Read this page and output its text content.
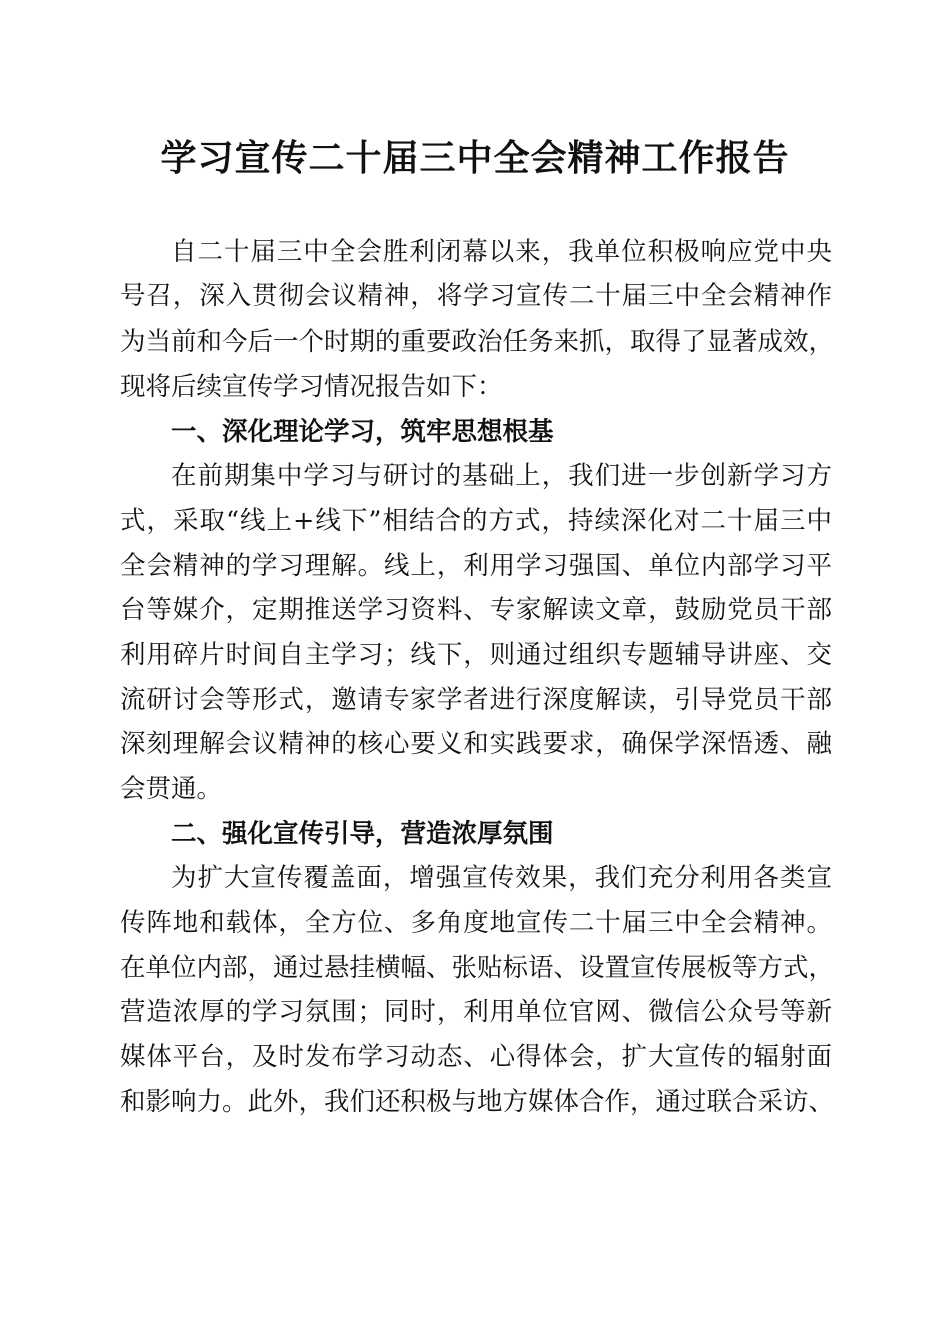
学习宣传二十届三中全会精神工作报告

自二十届三中全会胜利闭幕以来，我单位积极响应党中央

号召，深入贯彻会议精神，将学习宣传二十届三中全会精神作

为当前和今后一个时期的重要政治任务来抓，取得了显著成效，

现将后续宣传学习情况报告如下：

一、深化理论学习，筑牢思想根基

在前期集中学习与研讨的基础上，我们进一步创新学习方

式，采取“线上+线下”相结合的方式，持续深化对二十届三中

全会精神的学习理解。线上，利用学习强国、单位内部学习平

台等媒介，定期推送学习资料、专家解读文章，鼓励党员干部

利用碎片时间自主学习；线下，则通过组织专题辅导讲座、交

流研讨会等形式，邀请专家学者进行深度解读，引导党员干部

深刻理解会议精神的核心要义和实践要求，确保学深悟透、融

会贯通。

二、强化宣传引导，营造浓厚氛围

为扩大宣传覆盖面，增强宣传效果，我们充分利用各类宣

传阵地和载体，全方位、多角度地宣传二十届三中全会精神。

在单位内部，通过悬挂横幅、张贴标语、设置宣传展板等方式，

营造浓厚的学习氛围；同时，利用单位官网、微信公众号等新

媒体平台，及时发布学习动态、心得体会，扩大宣传的辐射面

和影响力。此外，我们还积极与地方媒体合作，通过联合采访、
